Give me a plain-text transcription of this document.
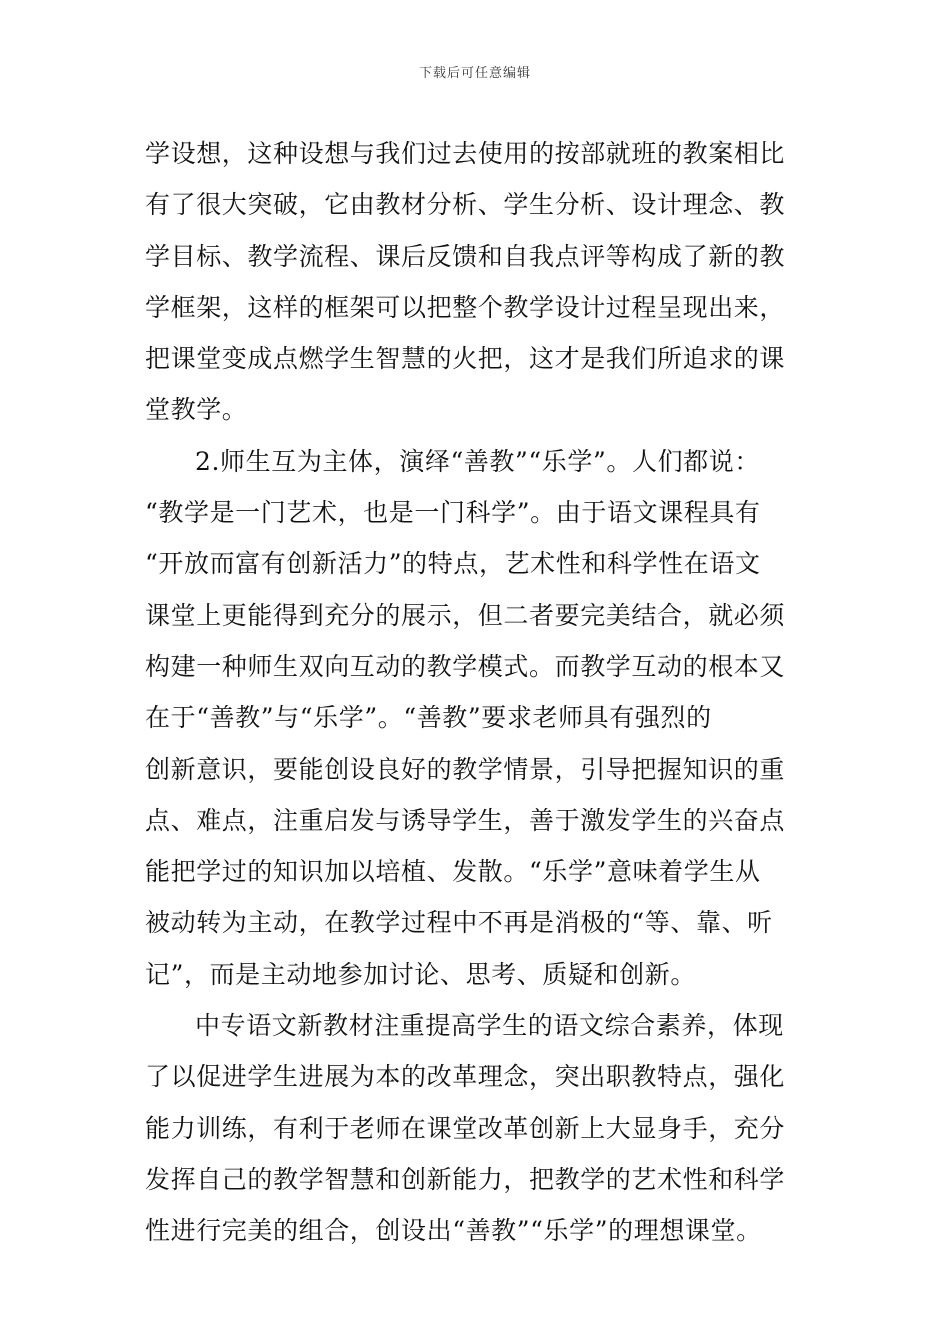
下载后可任意编辑
学设想，这种设想与我们过去使用的按部就班的教案相比
有了很大突破，它由教材分析、学生分析、设计理念、教
学目标、教学流程、课后反馈和自我点评等构成了新的教
学框架，这样的框架可以把整个教学设计过程呈现出来，
把课堂变成点燃学生智慧的火把，这才是我们所追求的课
堂教学。
2.师生互为主体，演绎“善教”“乐学”。人们都说：
“教学是一门艺术，也是一门科学”。由于语文课程具有
“开放而富有创新活力”的特点，艺术性和科学性在语文
课堂上更能得到充分的展示，但二者要完美结合，就必须
构建一种师生双向互动的教学模式。而教学互动的根本又
在于“善教”与“乐学”。“善教”要求老师具有强烈的
创新意识，要能创设良好的教学情景，引导把握知识的重
点、难点，注重启发与诱导学生，善于激发学生的兴奋点
能把学过的知识加以培植、发散。“乐学”意味着学生从
被动转为主动，在教学过程中不再是消极的“等、靠、听
记”，而是主动地参加讨论、思考、质疑和创新。
中专语文新教材注重提高学生的语文综合素养，体现
了以促进学生进展为本的改革理念，突出职教特点，强化
能力训练，有利于老师在课堂改革创新上大显身手，充分
发挥自己的教学智慧和创新能力，把教学的艺术性和科学
性进行完美的组合，创设出“善教”“乐学”的理想课堂。
